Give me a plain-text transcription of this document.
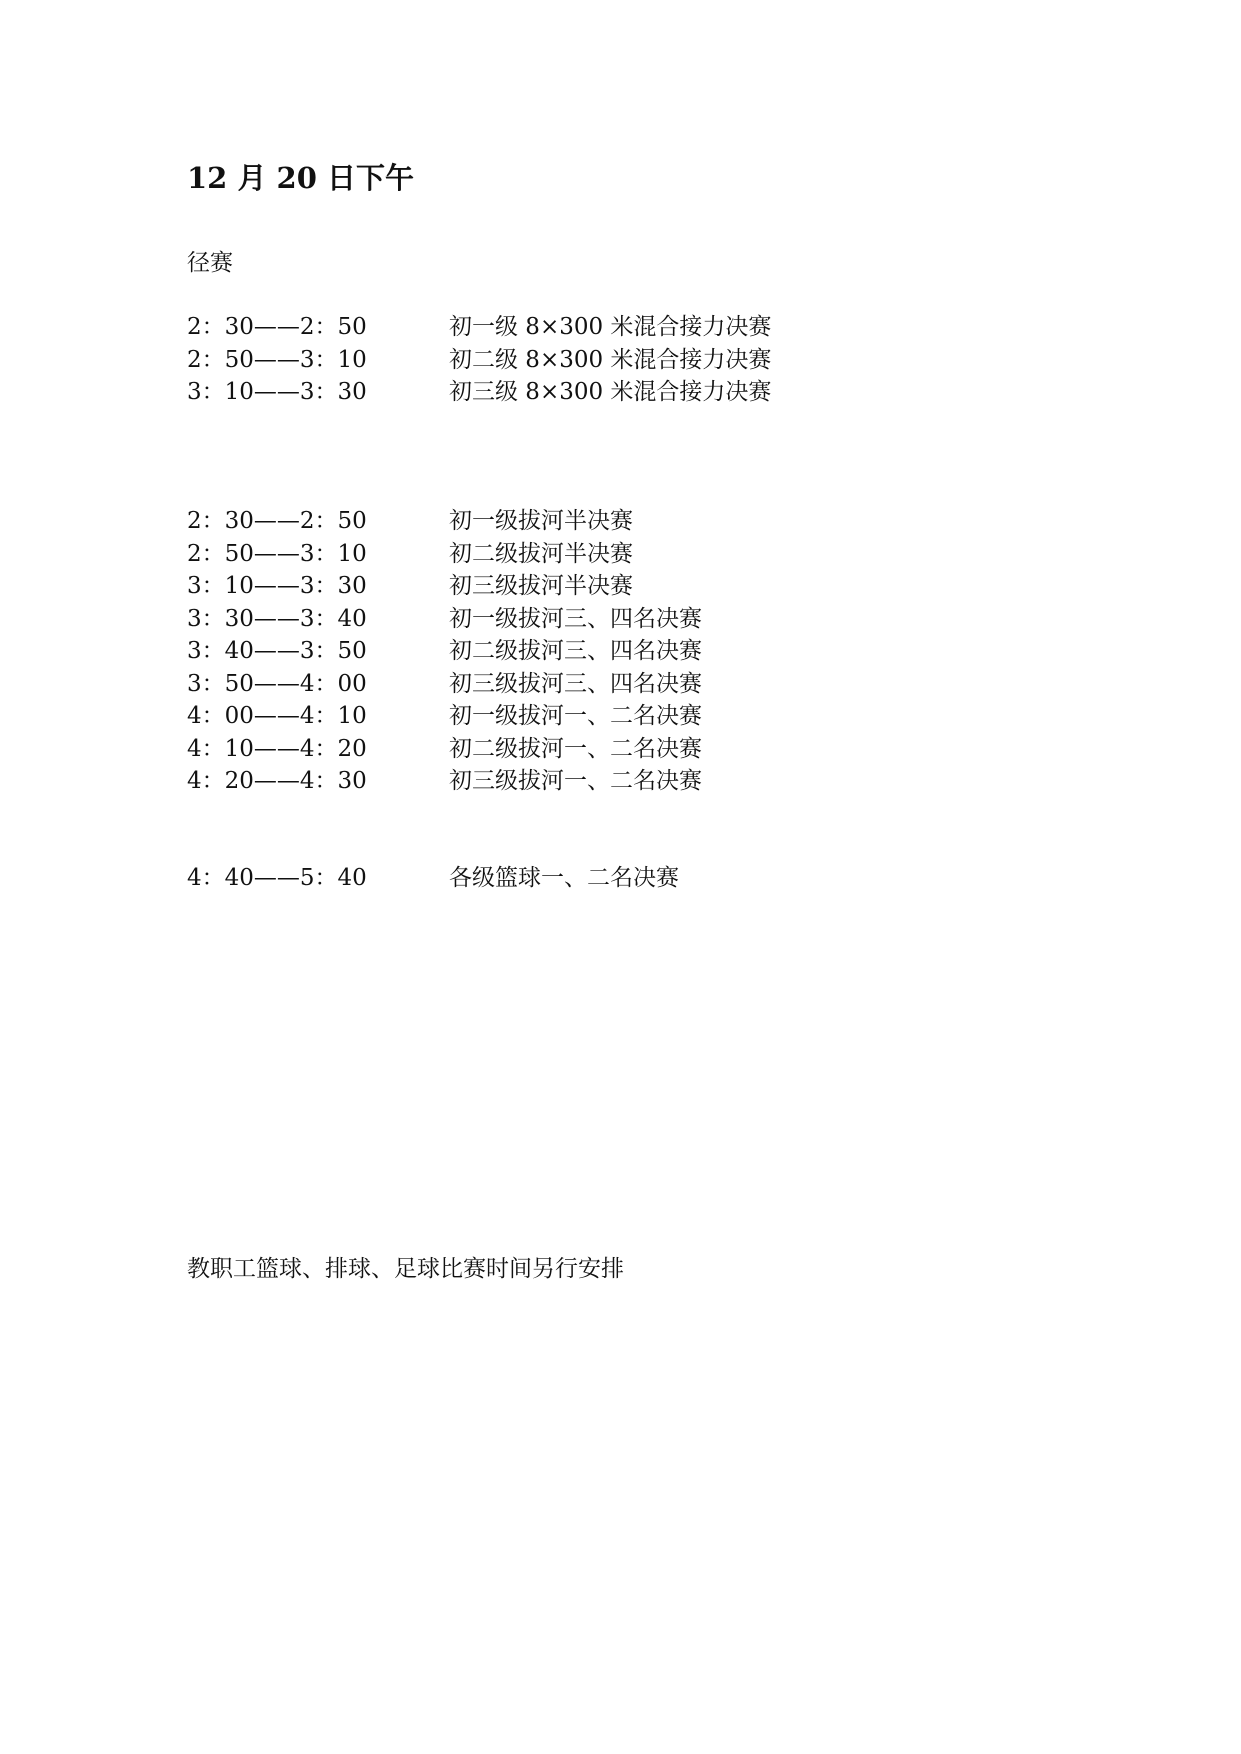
12 月 20 日下午
径赛
2：30——2：50	初一级 8×300 米混合接力决赛
2：50——3：10	初二级 8×300 米混合接力决赛
3：10——3：30	初三级 8×300 米混合接力决赛
2：30——2：50	初一级拔河半决赛
2：50——3：10	初二级拔河半决赛
3：10——3：30	初三级拔河半决赛
3：30——3：40	初一级拔河三、四名决赛
3：40——3：50	初二级拔河三、四名决赛
3：50——4：00	初三级拔河三、四名决赛
4：00——4：10	初一级拔河一、二名决赛
4：10——4：20	初二级拔河一、二名决赛
4：20——4：30	初三级拔河一、二名决赛
4：40——5：40	各级篮球一、二名决赛
教职工篮球、排球、足球比赛时间另行安排
